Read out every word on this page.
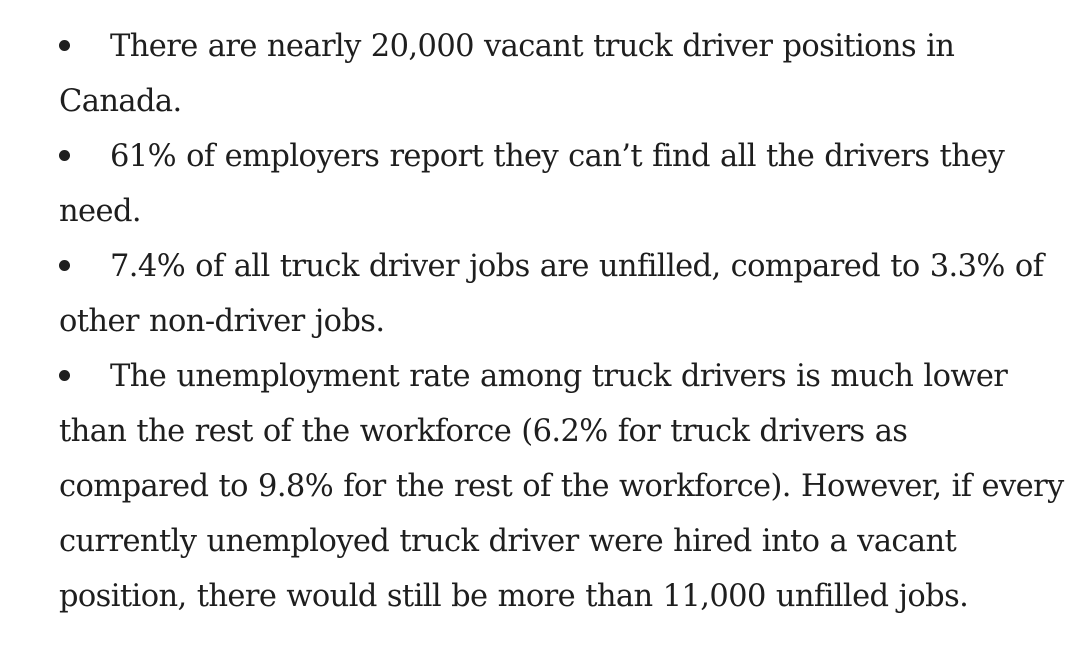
There are nearly 20,000 vacant truck driver positions in Canada.
61% of employers report they can’t find all the drivers they need.
7.4% of all truck driver jobs are unfilled, compared to 3.3% of other non-driver jobs.
The unemployment rate among truck drivers is much lower than the rest of the workforce (6.2% for truck drivers as compared to 9.8% for the rest of the workforce). However, if every currently unemployed truck driver were hired into a vacant position, there would still be more than 11,000 unfilled jobs.
